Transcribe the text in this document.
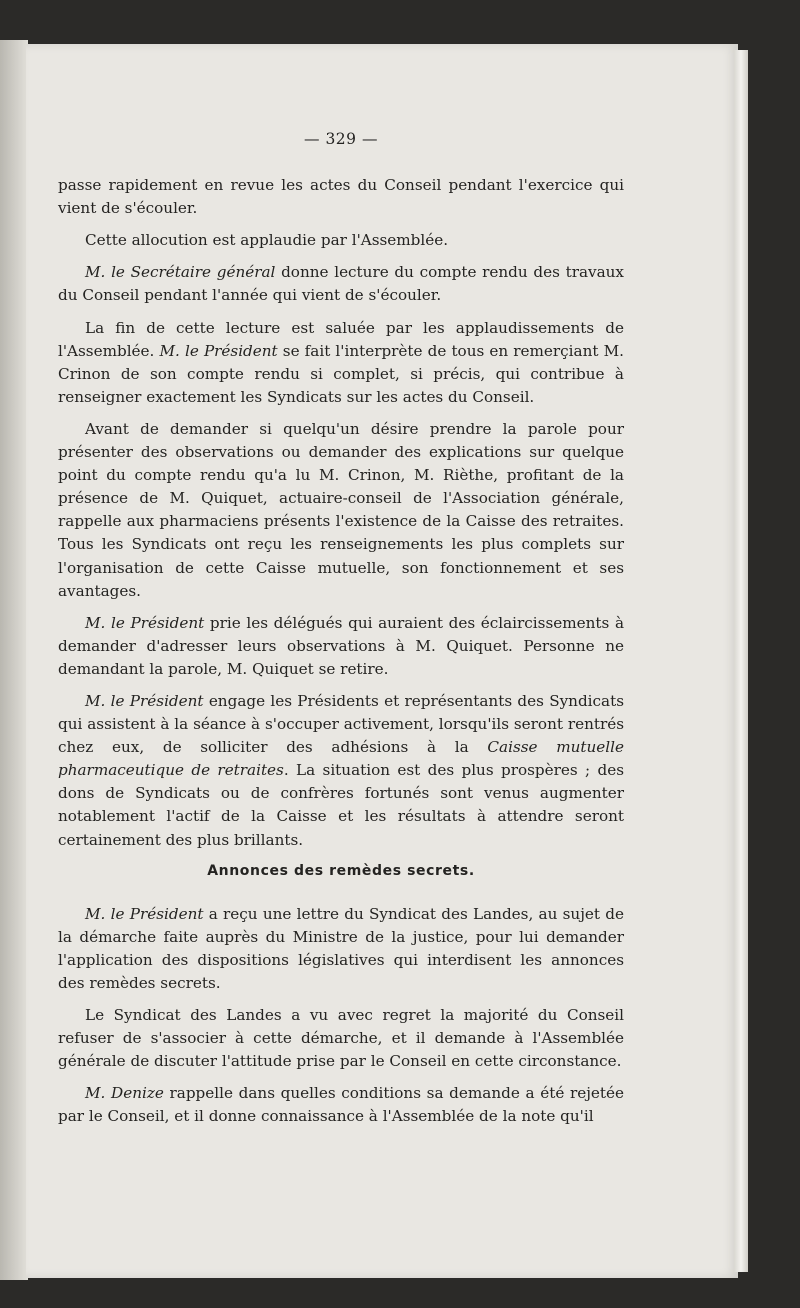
— 329 —

passe rapidement en revue les actes du Conseil pendant l'exercice qui vient de s'écouler.

Cette allocution est applaudie par l'Assemblée.

M. le Secrétaire général donne lecture du compte rendu des travaux du Conseil pendant l'année qui vient de s'écouler.

La fin de cette lecture est saluée par les applaudissements de l'Assemblée. M. le Président se fait l'interprète de tous en remerçiant M. Crinon de son compte rendu si complet, si précis, qui contribue à renseigner exactement les Syndicats sur les actes du Conseil.

Avant de demander si quelqu'un désire prendre la parole pour présenter des observations ou demander des explications sur quelque point du compte rendu qu'a lu M. Crinon, M. Rièthe, profitant de la présence de M. Quiquet, actuaire-conseil de l'Association générale, rappelle aux pharmaciens présents l'existence de la Caisse des retraites. Tous les Syndicats ont reçu les renseignements les plus complets sur l'organisation de cette Caisse mutuelle, son fonctionnement et ses avantages.

M. le Président prie les délégués qui auraient des éclaircissements à demander d'adresser leurs observations à M. Quiquet. Personne ne demandant la parole, M. Quiquet se retire.

M. le Président engage les Présidents et représentants des Syndicats qui assistent à la séance à s'occuper activement, lorsqu'ils seront rentrés chez eux, de solliciter des adhésions à la Caisse mutuelle pharmaceutique de retraites. La situation est des plus prospères ; des dons de Syndicats ou de confrères fortunés sont venus augmenter notablement l'actif de la Caisse et les résultats à attendre seront certainement des plus brillants.

Annonces des remèdes secrets.

M. le Président a reçu une lettre du Syndicat des Landes, au sujet de la démarche faite auprès du Ministre de la justice, pour lui demander l'application des dispositions législatives qui interdisent les annonces des remèdes secrets.

Le Syndicat des Landes a vu avec regret la majorité du Conseil refuser de s'associer à cette démarche, et il demande à l'Assemblée générale de discuter l'attitude prise par le Conseil en cette circonstance.

M. Denize rappelle dans quelles conditions sa demande a été rejetée par le Conseil, et il donne connaissance à l'Assemblée de la note qu'il
